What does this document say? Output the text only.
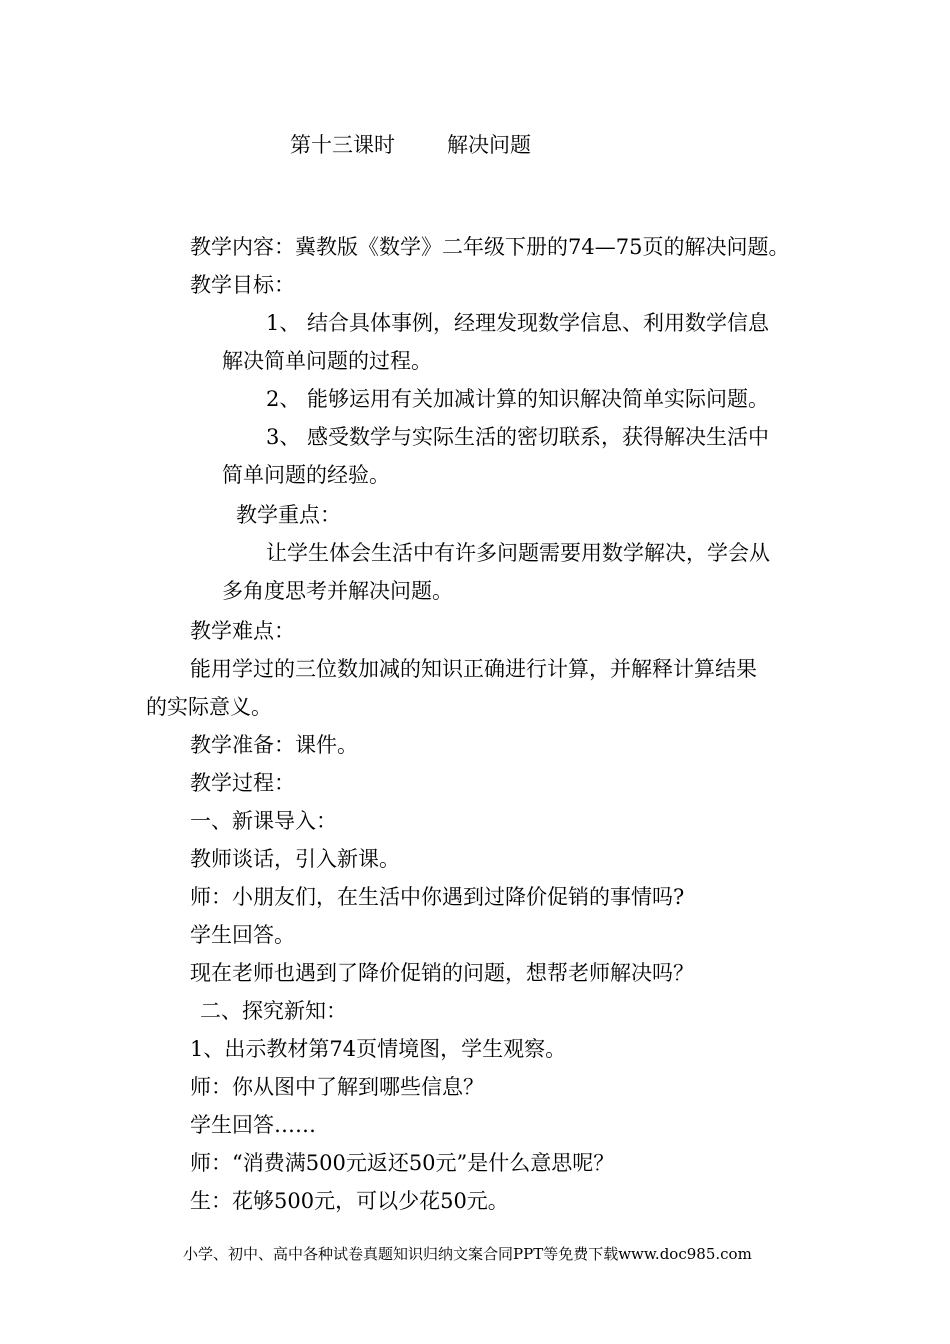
第十三课时 解决问题
教学内容：冀教版《数学》二年级下册的74—75页的解决问题。
教学目标：
1、 结合具体事例，经理发现数学信息、利用数学信息
解决简单问题的过程。
2、 能够运用有关加减计算的知识解决简单实际问题。
3、 感受数学与实际生活的密切联系，获得解决生活中
简单问题的经验。
教学重点：
让学生体会生活中有许多问题需要用数学解决，学会从
多角度思考并解决问题。
教学难点：
能用学过的三位数加减的知识正确进行计算，并解释计算结果
的实际意义。
教学准备：课件。
教学过程：
一、新课导入：
教师谈话，引入新课。
师：小朋友们，在生活中你遇到过降价促销的事情吗?
学生回答。
现在老师也遇到了降价促销的问题，想帮老师解决吗？
二、探究新知：
1、出示教材第74页情境图，学生观察。
师：你从图中了解到哪些信息？
学生回答……
师：“消费满500元返还50元”是什么意思呢？
生：花够500元，可以少花50元。
小学、初中、高中各种试卷真题知识归纳文案合同PPT等免费下载www.doc985.com
